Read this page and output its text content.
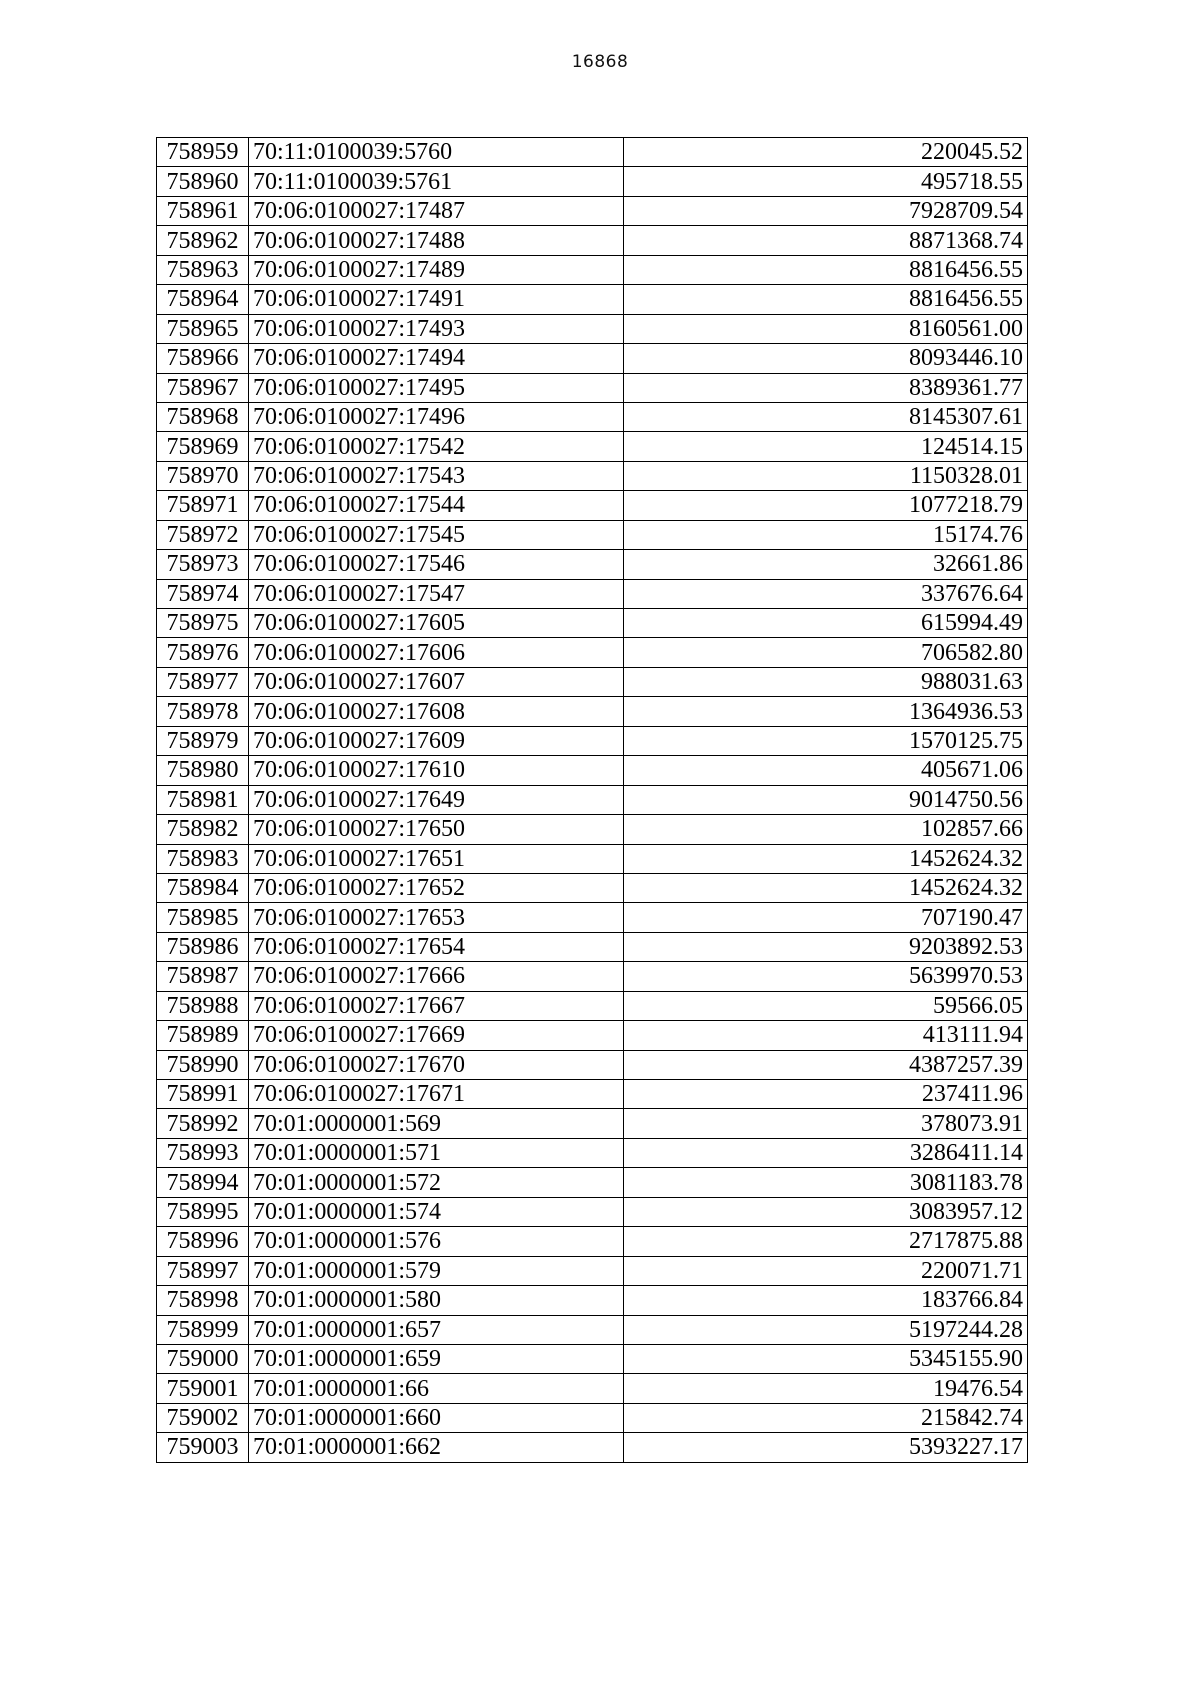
16868
758959	70:11:0100039:5760	220045.52
758960	70:11:0100039:5761	495718.55
758961	70:06:0100027:17487	7928709.54
758962	70:06:0100027:17488	8871368.74
758963	70:06:0100027:17489	8816456.55
758964	70:06:0100027:17491	8816456.55
758965	70:06:0100027:17493	8160561.00
758966	70:06:0100027:17494	8093446.10
758967	70:06:0100027:17495	8389361.77
758968	70:06:0100027:17496	8145307.61
758969	70:06:0100027:17542	124514.15
758970	70:06:0100027:17543	1150328.01
758971	70:06:0100027:17544	1077218.79
758972	70:06:0100027:17545	15174.76
758973	70:06:0100027:17546	32661.86
758974	70:06:0100027:17547	337676.64
758975	70:06:0100027:17605	615994.49
758976	70:06:0100027:17606	706582.80
758977	70:06:0100027:17607	988031.63
758978	70:06:0100027:17608	1364936.53
758979	70:06:0100027:17609	1570125.75
758980	70:06:0100027:17610	405671.06
758981	70:06:0100027:17649	9014750.56
758982	70:06:0100027:17650	102857.66
758983	70:06:0100027:17651	1452624.32
758984	70:06:0100027:17652	1452624.32
758985	70:06:0100027:17653	707190.47
758986	70:06:0100027:17654	9203892.53
758987	70:06:0100027:17666	5639970.53
758988	70:06:0100027:17667	59566.05
758989	70:06:0100027:17669	413111.94
758990	70:06:0100027:17670	4387257.39
758991	70:06:0100027:17671	237411.96
758992	70:01:0000001:569	378073.91
758993	70:01:0000001:571	3286411.14
758994	70:01:0000001:572	3081183.78
758995	70:01:0000001:574	3083957.12
758996	70:01:0000001:576	2717875.88
758997	70:01:0000001:579	220071.71
758998	70:01:0000001:580	183766.84
758999	70:01:0000001:657	5197244.28
759000	70:01:0000001:659	5345155.90
759001	70:01:0000001:66	19476.54
759002	70:01:0000001:660	215842.74
759003	70:01:0000001:662	5393227.17
